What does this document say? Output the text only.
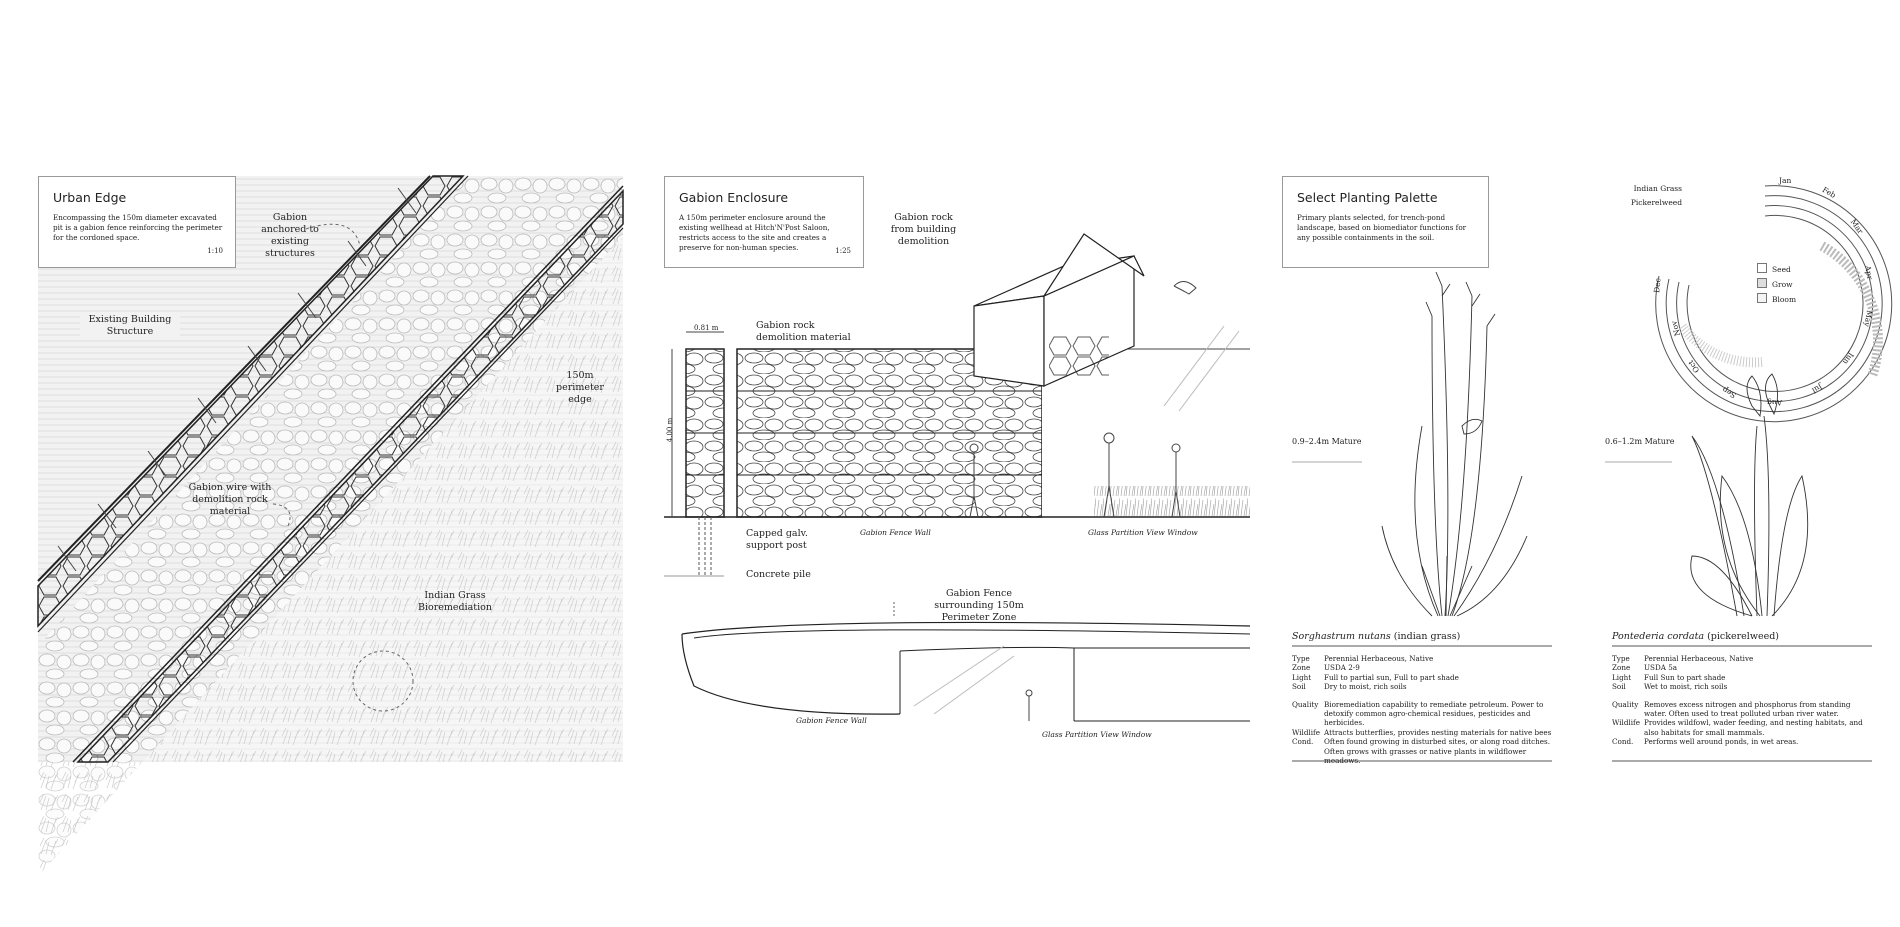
Urban Edge

Encompassing the 150m diameter excavated pit is a gabion fence reinforcing the perimeter for the cordoned space.

1:10
Gabion anchored to existing structures
Existing Building Structure
150m perimeter edge
Gabion wire with demolition rock material
Indian Grass Bioremediation
Gabion Enclosure

A 150m perimeter enclosure around the existing wellhead at Hitch'N'Post Saloon, restricts access to the site and creates a preserve for non-human species.	1:25
Gabion rock from building demolition
Gabion rock demolition material
0.81 m
4.00 m
Capped galv. support post
Concrete pile
Gabion Fence Wall	Glass Partition View Window
Gabion Fence surrounding 150m Perimeter Zone
Gabion Fence Wall
Glass Partition View Window
Select Planting Palette

Primary plants selected, for trench-pond landscape, based on biomediator functions for any possible containments in the soil.

Indian Grass
Pickerelweed
Jan
Feb
Mar
Apr
May
Jun
Jul
Aug
Sep
Oct
Nov
Dec
Seed
Grow
Bloom
0.9–2.4m Mature	0.6–1.2m Mature
Sorghastrum nutans (indian grass)	Pontederia cordata (pickerelweed)
Type	Perennial Herbaceous, Native
Zone	USDA 2-9
Light	Full to partial sun, Full to part shade
Soil	Dry to moist, rich soils

Quality	Bioremediation capability to remediate petroleum. Power to detoxify common agro-chemical residues, pesticides and herbicides.
Wildlife	Attracts butterflies, provides nesting materials for native bees
Cond.	Often found growing in disturbed sites, or along road ditches. Often grows with grasses or native plants in wildflower meadows.
Type	Perennial Herbaceous, Native
Zone	USDA 5a
Light	Full Sun to part shade
Soil	Wet to moist, rich soils

Quality	Removes excess nitrogen and phosphorus from standing water. Often used to treat polluted urban river water.
Wildlife	Provides wildfowl, wader feeding, and nesting habitats, and also habitats for small mammals.
Cond.	Performs well around ponds, in wet areas.
